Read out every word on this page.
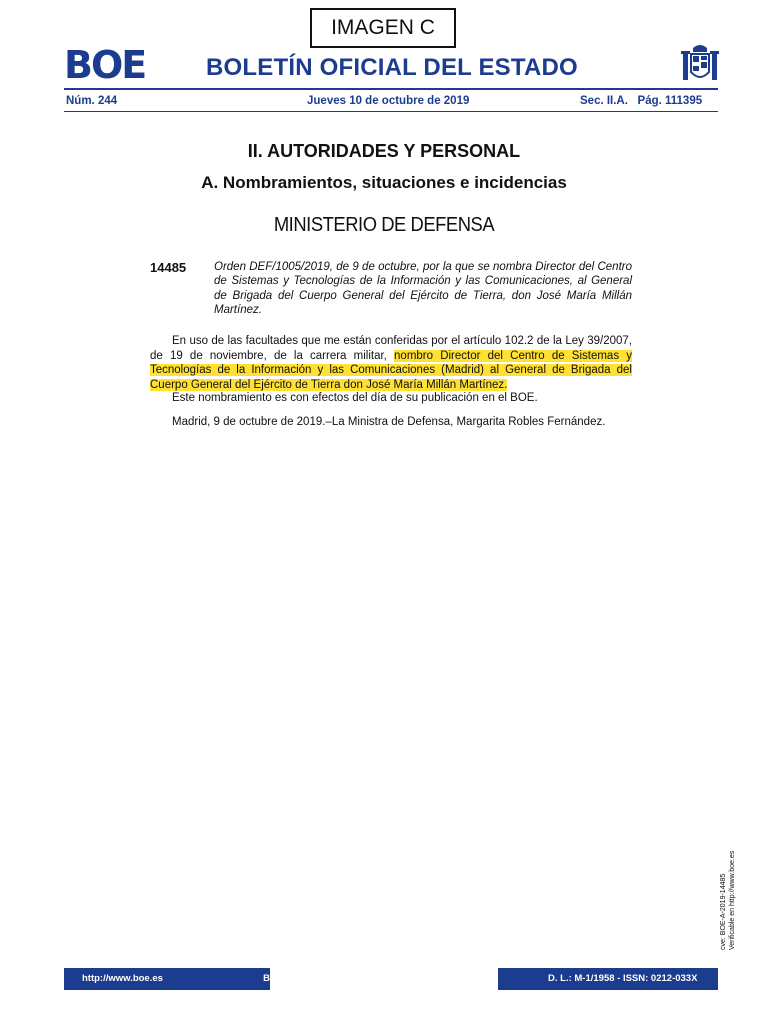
IMAGEN C
BOE	BOLETÍN OFICIAL DEL ESTADO
Núm. 244	Jueves 10 de octubre de 2019	Sec. II.A.   Pág. 111395
II. AUTORIDADES Y PERSONAL
A. Nombramientos, situaciones e incidencias
MINISTERIO DE DEFENSA
14485 Orden DEF/1005/2019, de 9 de octubre, por la que se nombra Director del Centro de Sistemas y Tecnologías de la Información y las Comunicaciones, al General de Brigada del Cuerpo General del Ejército de Tierra, don José María Millán Martínez.
En uso de las facultades que me están conferidas por el artículo 102.2 de la Ley 39/2007, de 19 de noviembre, de la carrera militar, nombro Director del Centro de Sistemas y Tecnologías de la Información y las Comunicaciones (Madrid) al General de Brigada del Cuerpo General del Ejército de Tierra don José María Millán Martínez.
Este nombramiento es con efectos del día de su publicación en el BOE.
Madrid, 9 de octubre de 2019.–La Ministra de Defensa, Margarita Robles Fernández.
cve: BOE-A-2019-14485 Verificable en http://www.boe.es
http://www.boe.es	B	D. L.: M-1/1958 - ISSN: 0212-033X
